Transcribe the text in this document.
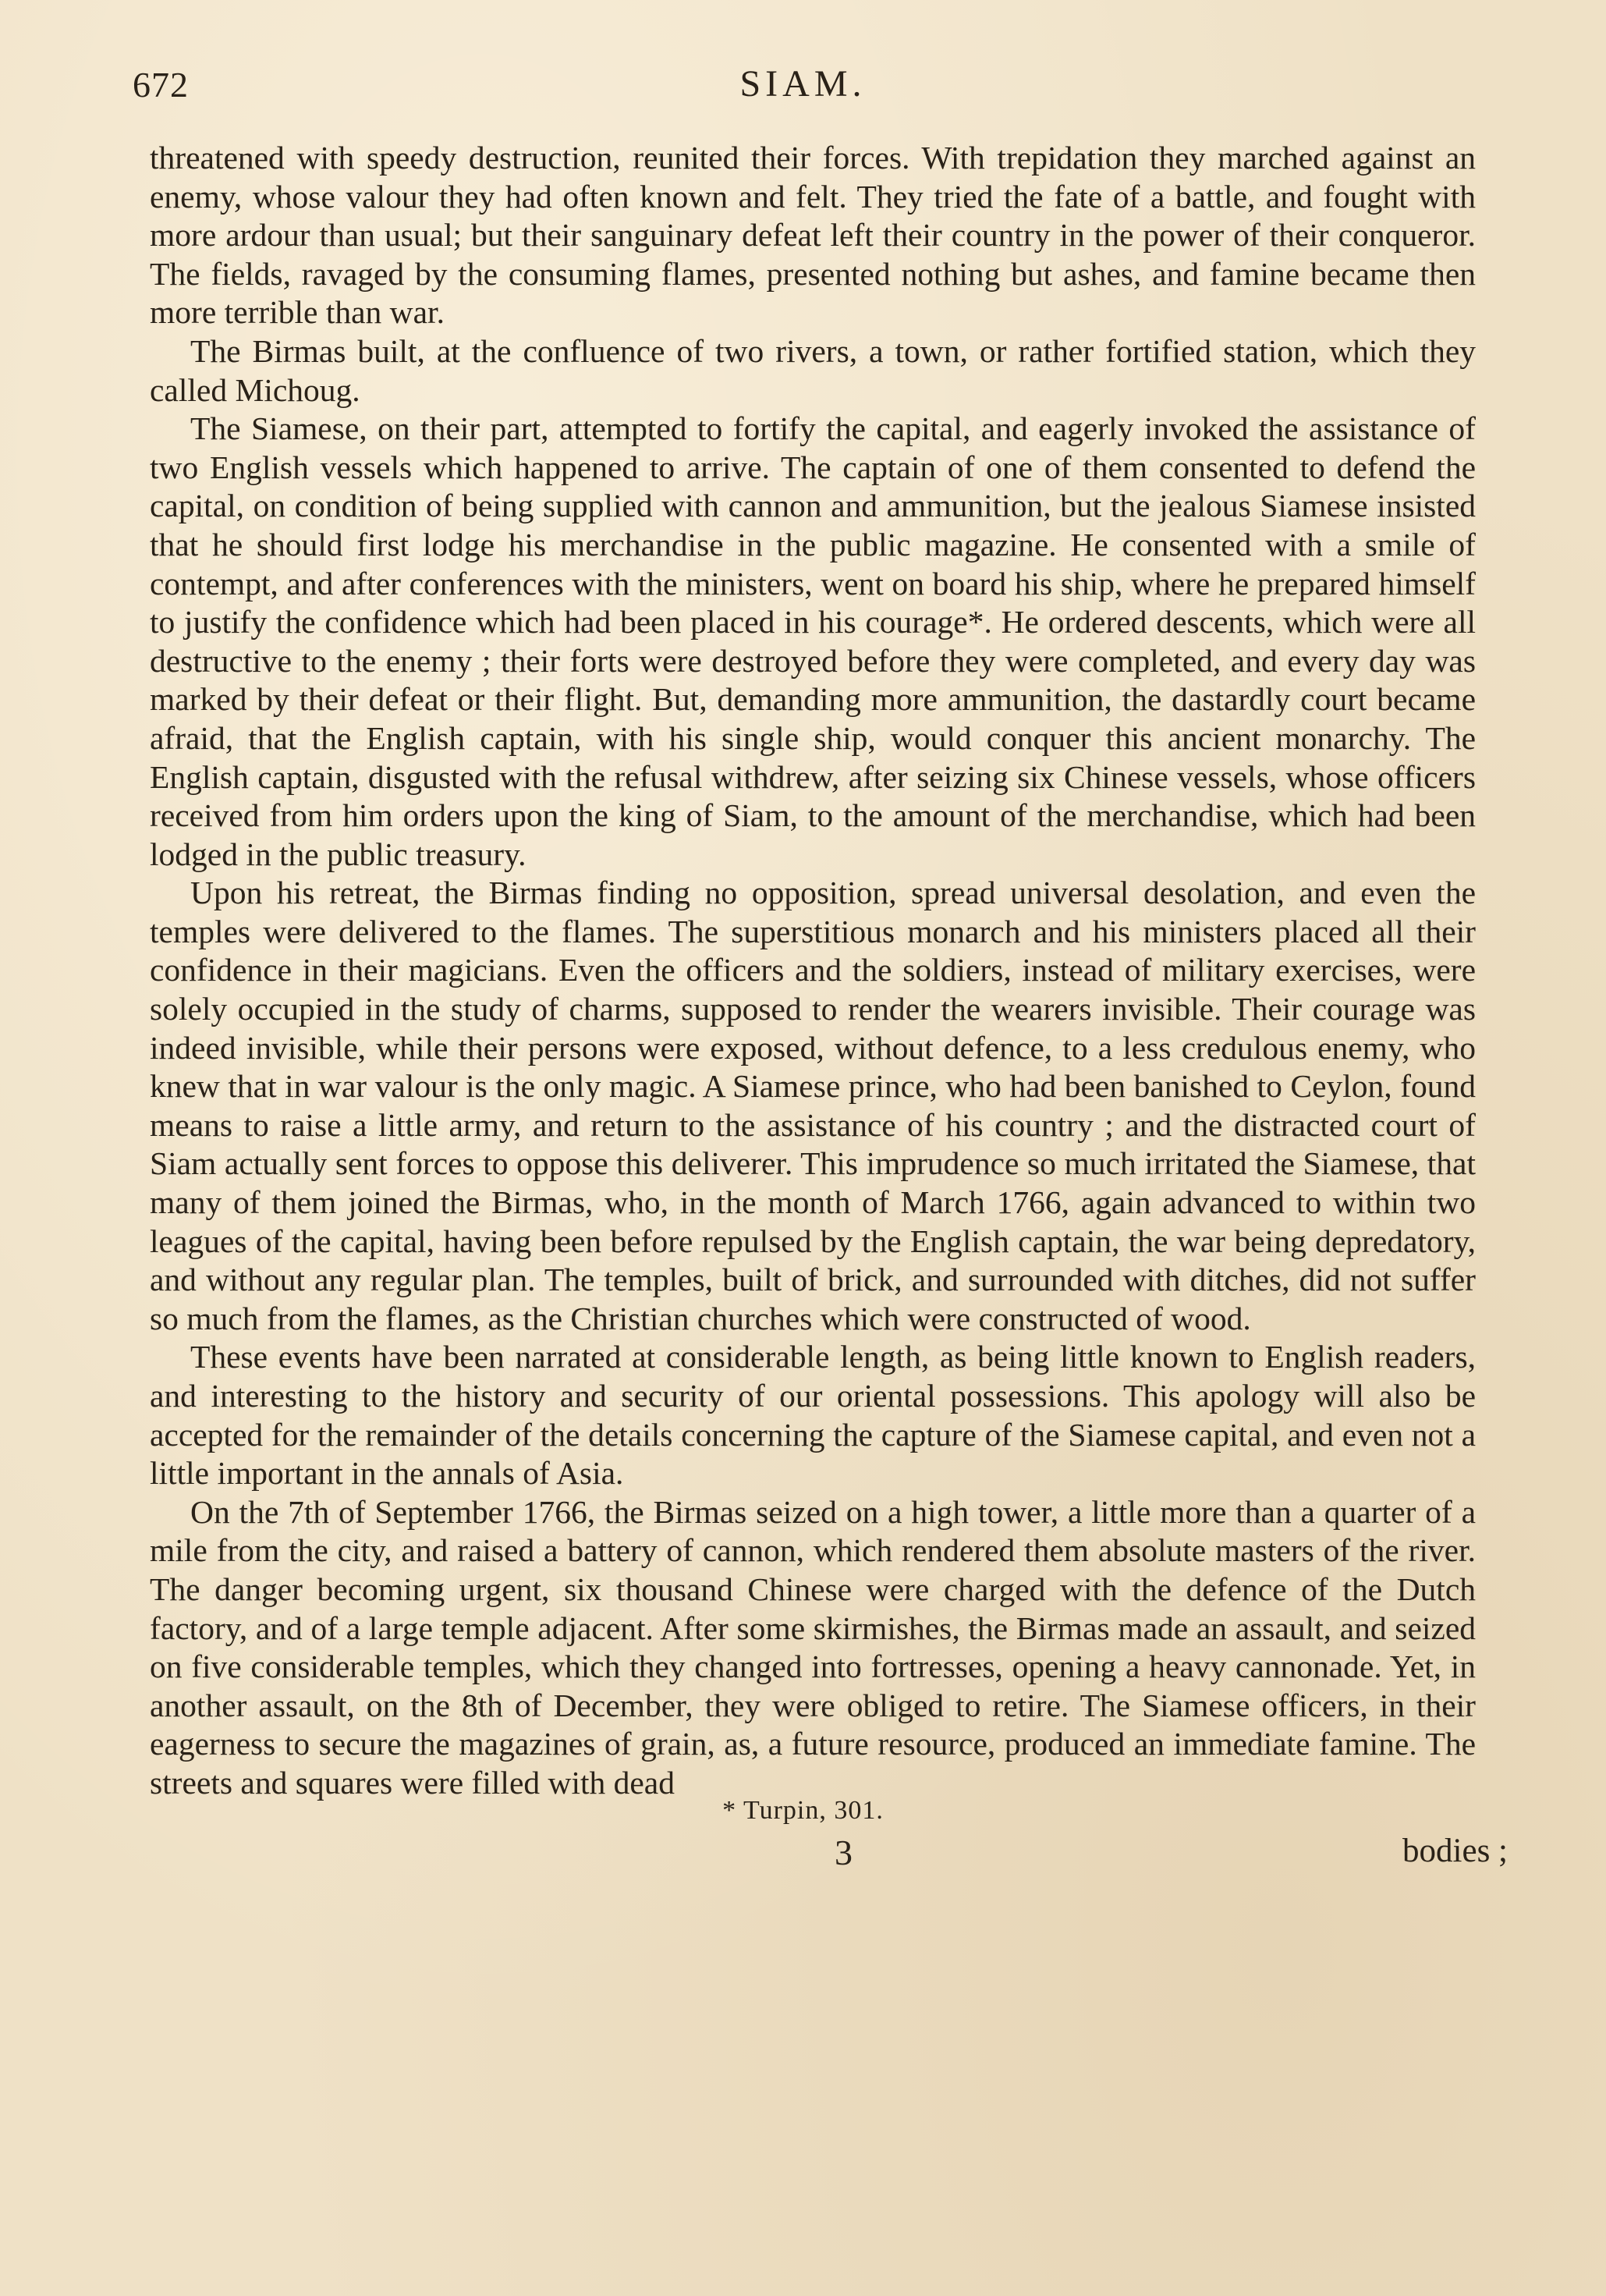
672	SIAM.

threatened with speedy destruction, reunited their forces. With trepidation they marched against an enemy, whose valour they had often known and felt. They tried the fate of a battle, and fought with more ardour than usual; but their sanguinary defeat left their country in the power of their conqueror. The fields, ravaged by the consuming flames, presented nothing but ashes, and famine became then more terrible than war.

The Birmas built, at the confluence of two rivers, a town, or rather fortified station, which they called Michoug.

The Siamese, on their part, attempted to fortify the capital, and eagerly invoked the assistance of two English vessels which happened to arrive. The captain of one of them consented to defend the capital, on condition of being supplied with cannon and ammunition, but the jealous Siamese insisted that he should first lodge his merchandise in the public magazine. He consented with a smile of contempt, and after conferences with the ministers, went on board his ship, where he prepared himself to justify the confidence which had been placed in his courage*. He ordered descents, which were all destructive to the enemy ; their forts were destroyed before they were completed, and every day was marked by their defeat or their flight. But, demanding more ammunition, the dastardly court became afraid, that the English captain, with his single ship, would conquer this ancient monarchy. The English captain, disgusted with the refusal withdrew, after seizing six Chinese vessels, whose officers received from him orders upon the king of Siam, to the amount of the merchandise, which had been lodged in the public treasury.

Upon his retreat, the Birmas finding no opposition, spread universal desolation, and even the temples were delivered to the flames. The superstitious monarch and his ministers placed all their confidence in their magicians. Even the officers and the soldiers, instead of military exercises, were solely occupied in the study of charms, supposed to render the wearers invisible. Their courage was indeed invisible, while their persons were exposed, without defence, to a less credulous enemy, who knew that in war valour is the only magic. A Siamese prince, who had been banished to Ceylon, found means to raise a little army, and return to the assistance of his country ; and the distracted court of Siam actually sent forces to oppose this deliverer. This imprudence so much irritated the Siamese, that many of them joined the Birmas, who, in the month of March 1766, again advanced to within two leagues of the capital, having been before repulsed by the English captain, the war being depredatory, and without any regular plan. The temples, built of brick, and surrounded with ditches, did not suffer so much from the flames, as the Christian churches which were constructed of wood.

These events have been narrated at considerable length, as being little known to English readers, and interesting to the history and security of our oriental possessions. This apology will also be accepted for the remainder of the details concerning the capture of the Siamese capital, and even not a little important in the annals of Asia.

On the 7th of September 1766, the Birmas seized on a high tower, a little more than a quarter of a mile from the city, and raised a battery of cannon, which rendered them absolute masters of the river. The danger becoming urgent, six thousand Chinese were charged with the defence of the Dutch factory, and of a large temple adjacent. After some skirmishes, the Birmas made an assault, and seized on five considerable temples, which they changed into fortresses, opening a heavy cannonade. Yet, in another assault, on the 8th of December, they were obliged to retire. The Siamese officers, in their eagerness to secure the magazines of grain, as, a future resource, produced an immediate famine. The streets and squares were filled with dead

* Turpin, 301.
3	bodies ;
